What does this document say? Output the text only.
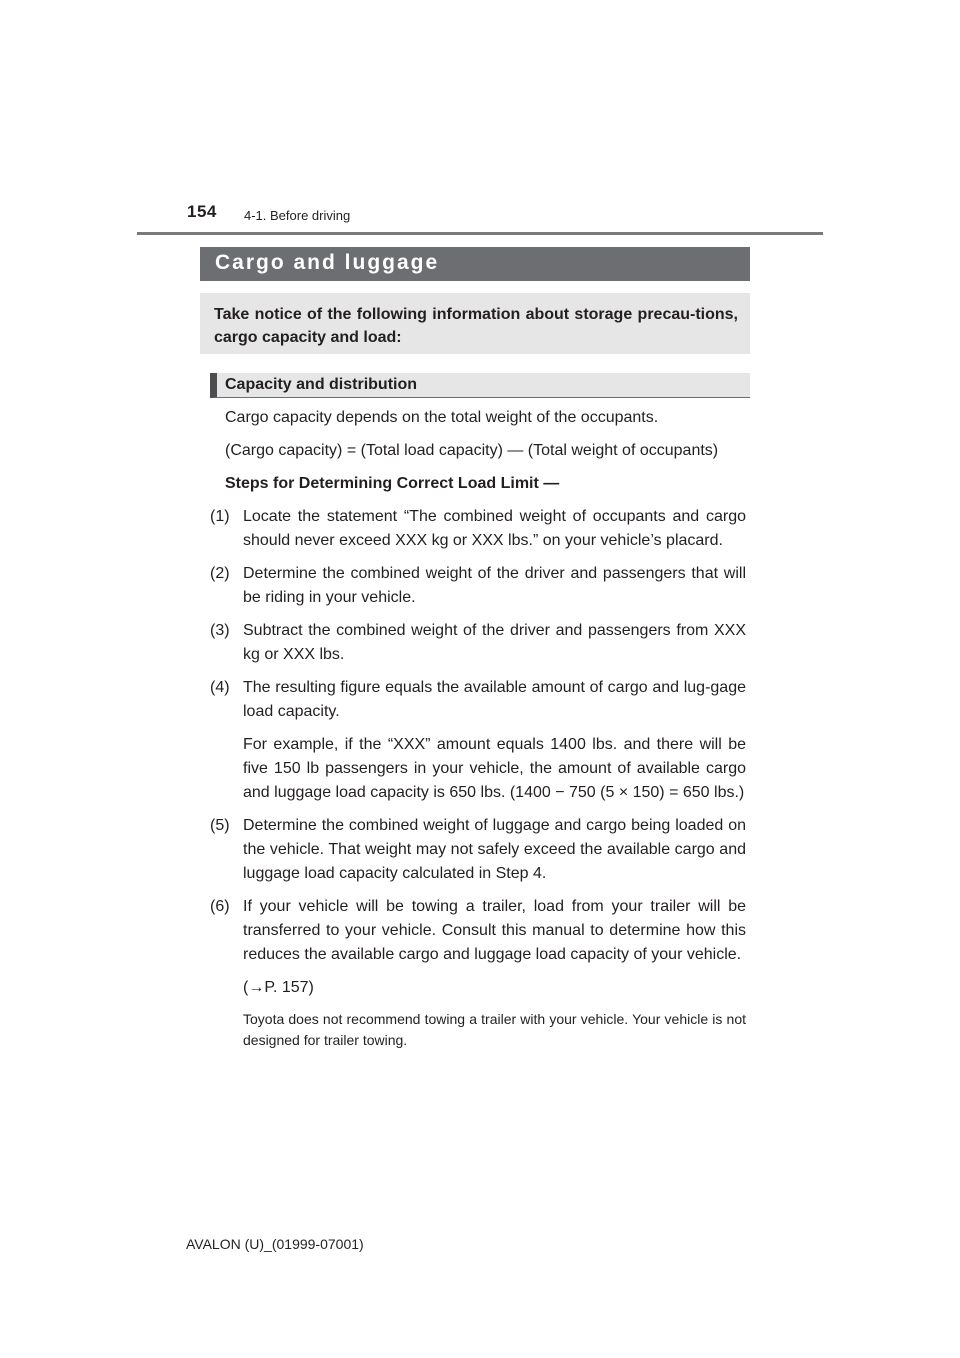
154 4-1. Before driving
Cargo and luggage

Take notice of the following information about storage precau-tions, cargo capacity and load:

Capacity and distribution

Cargo capacity depends on the total weight of the occupants.

(Cargo capacity) = (Total load capacity) — (Total weight of occupants)

Steps for Determining Correct Load Limit —

(1) Locate the statement “The combined weight of occupants and cargo should never exceed XXX kg or XXX lbs.” on your vehicle’s placard.
(2) Determine the combined weight of the driver and passengers that will be riding in your vehicle.
(3) Subtract the combined weight of the driver and passengers from XXX kg or XXX lbs.
(4) The resulting figure equals the available amount of cargo and lug-gage load capacity.

For example, if the “XXX” amount equals 1400 lbs. and there will be five 150 lb passengers in your vehicle, the amount of available cargo and luggage load capacity is 650 lbs. (1400 − 750 (5 × 150) = 650 lbs.)

(5) Determine the combined weight of luggage and cargo being loaded on the vehicle. That weight may not safely exceed the available cargo and luggage load capacity calculated in Step 4.
(6) If your vehicle will be towing a trailer, load from your trailer will be transferred to your vehicle. Consult this manual to determine how this reduces the available cargo and luggage load capacity of your vehicle.

(→P. 157)

Toyota does not recommend towing a trailer with your vehicle. Your vehicle is not designed for trailer towing.

AVALON (U)_(01999-07001)
